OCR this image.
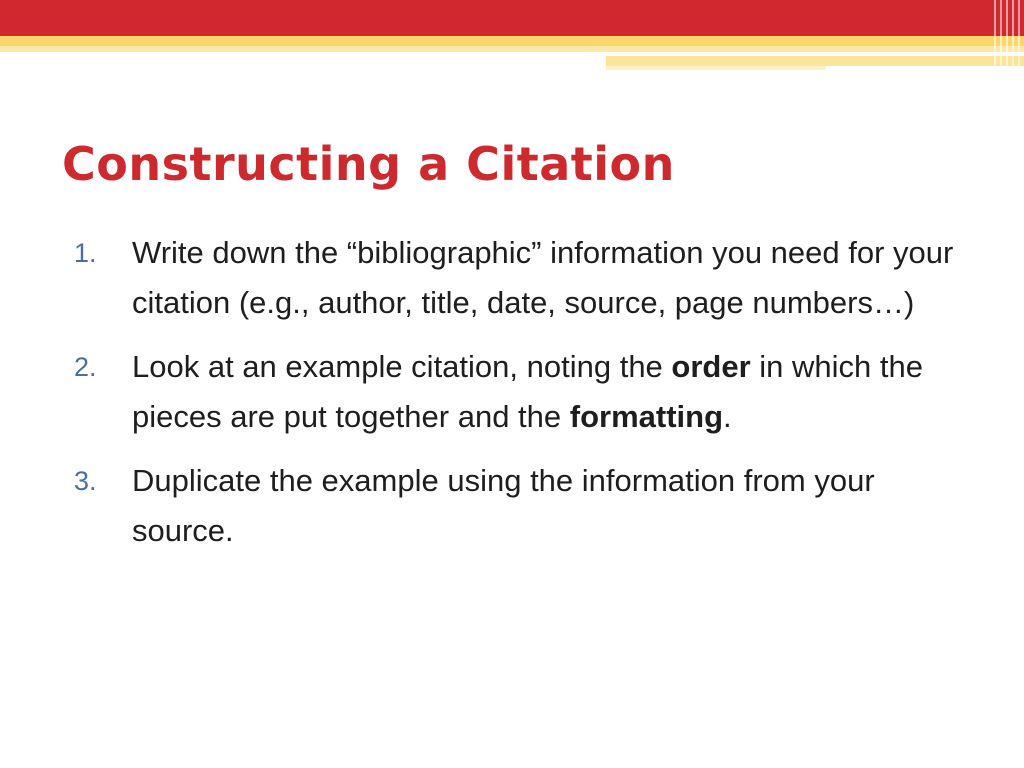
Constructing a Citation
1. Write down the “bibliographic” information you need for your citation (e.g., author, title, date, source, page numbers…)
2. Look at an example citation, noting the order in which the pieces are put together and the formatting.
3. Duplicate the example using the information from your source.
